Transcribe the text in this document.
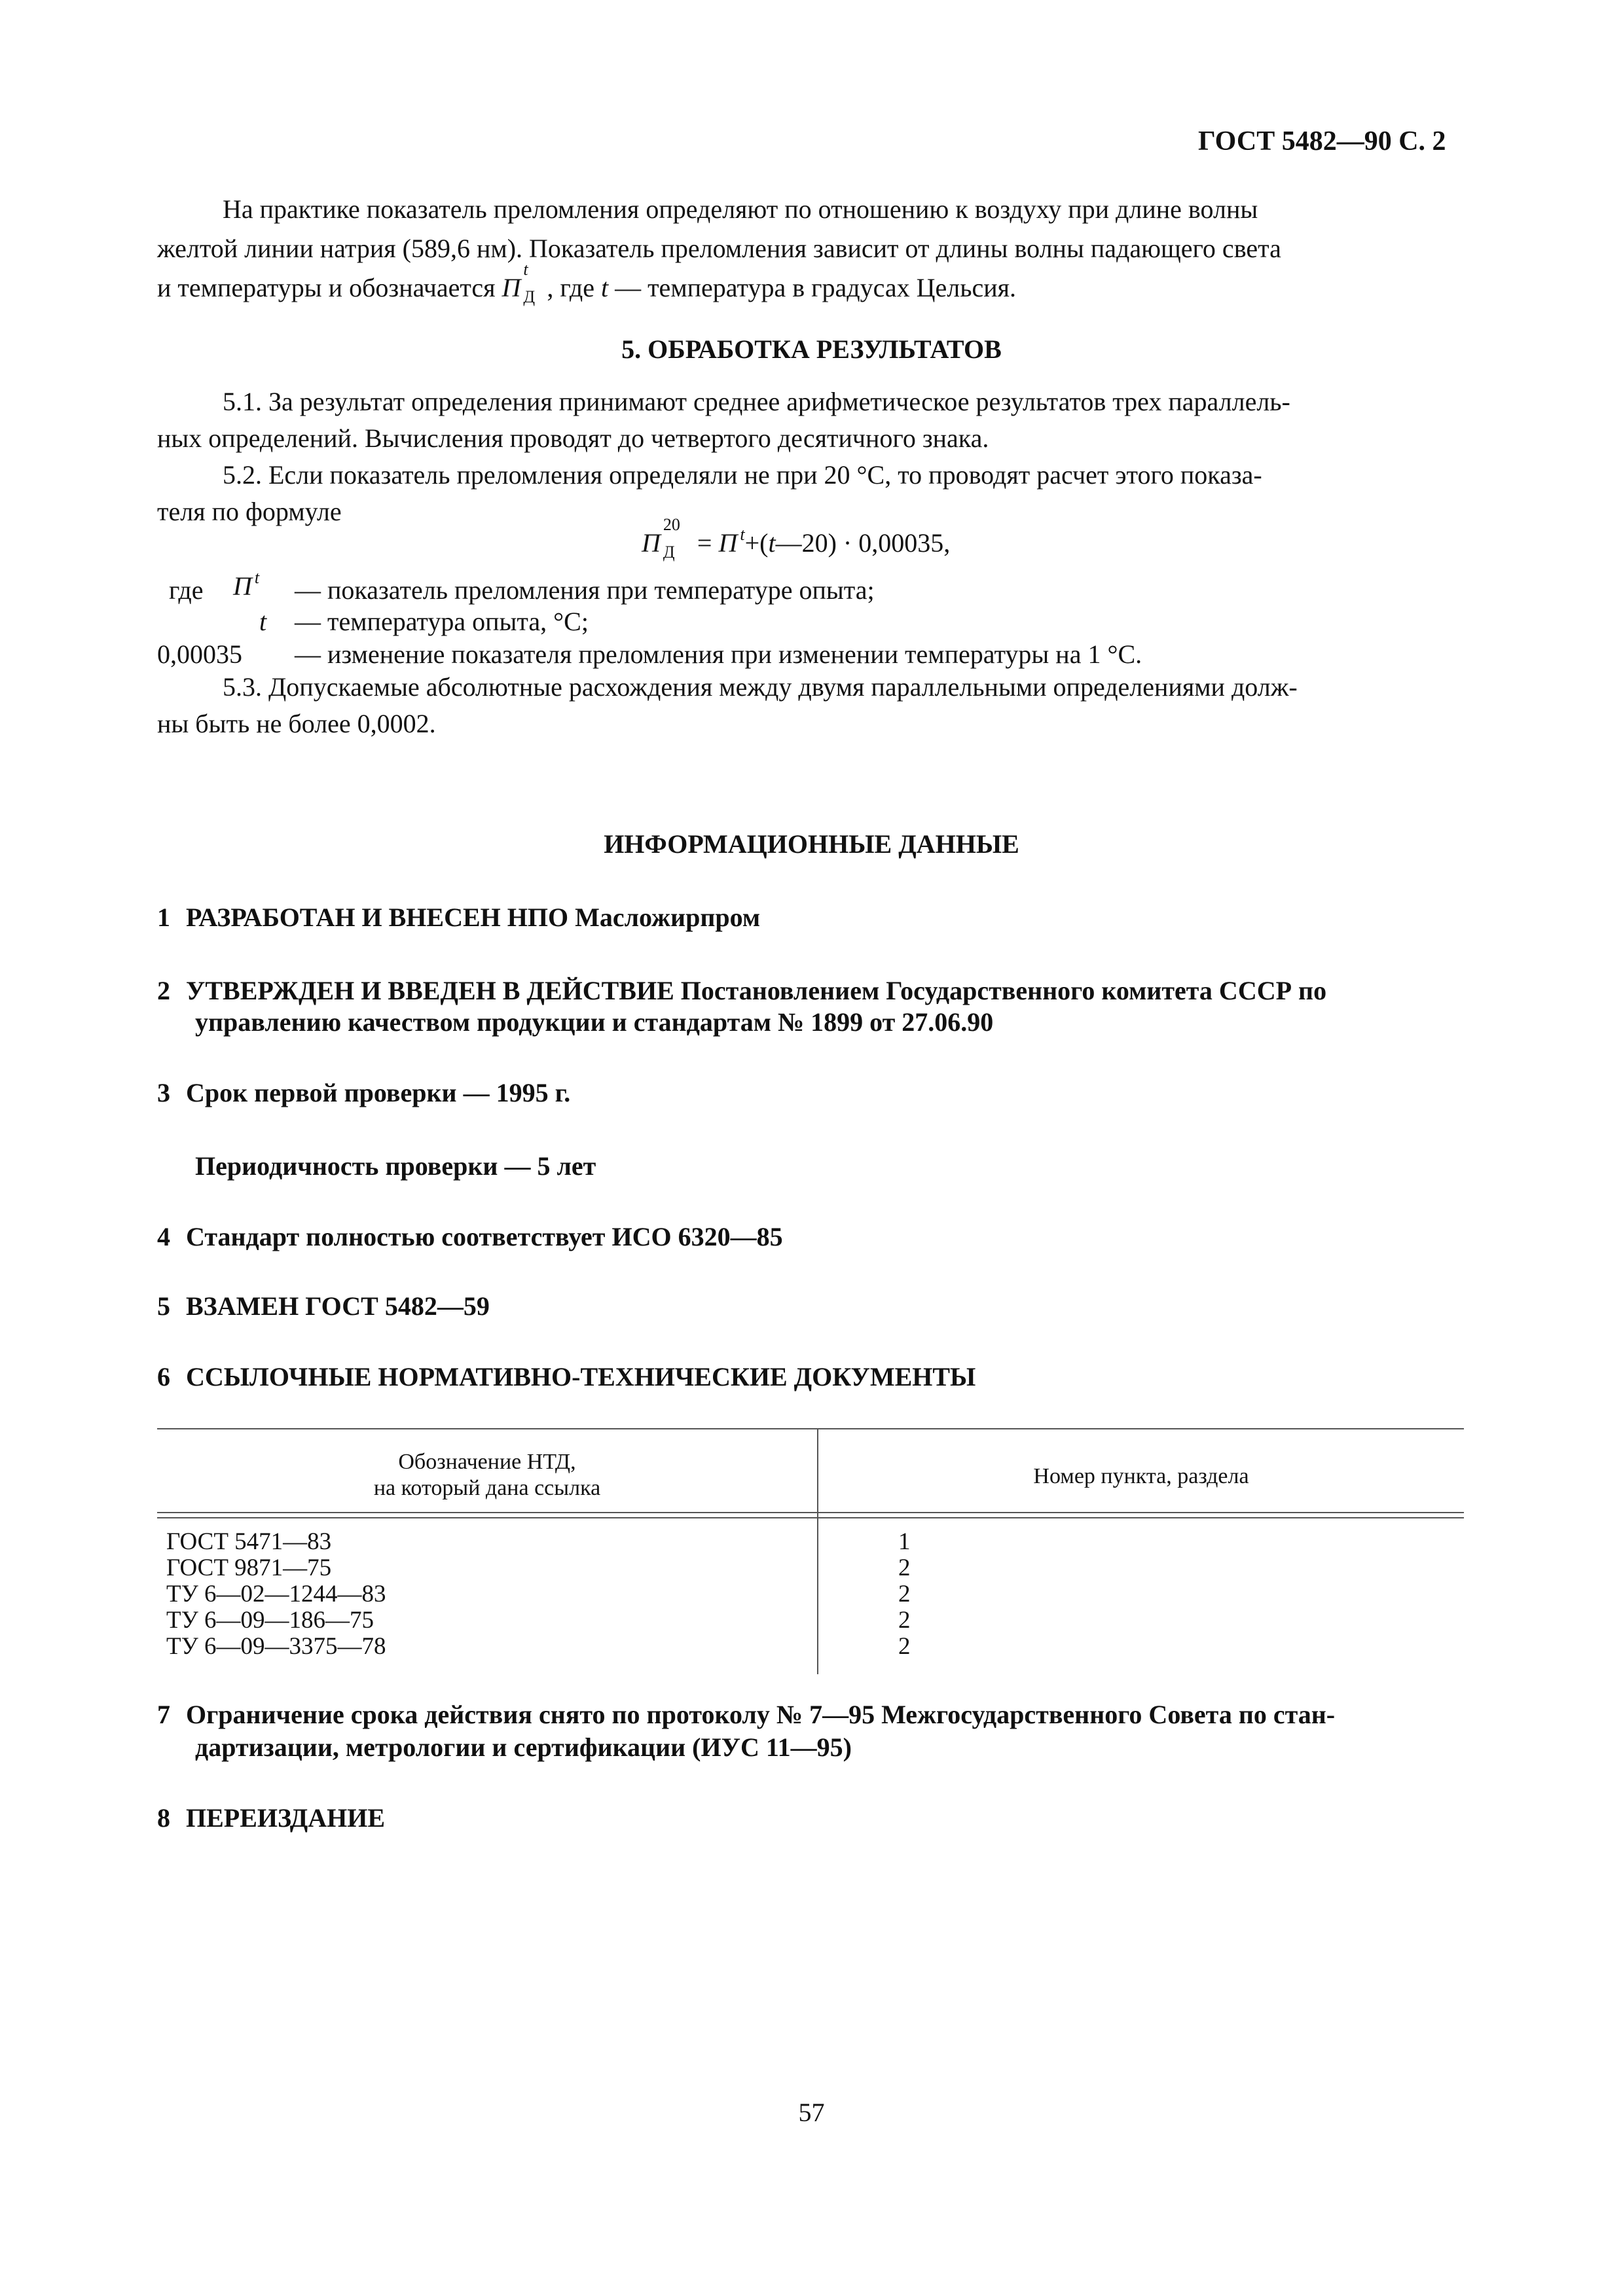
ГОСТ 5482—90 С. 2
На практике показатель преломления определяют по отношению к воздуху при длине волны
желтой линии натрия (589,6 нм). Показатель преломления зависит от длины волны падающего света
и температуры и обозначается П
t
Д , где t — температура в градусах Цельсия.
5. ОБРАБОТКА РЕЗУЛЬТАТОВ
5.1. За результат определения принимают среднее арифметическое результатов трех параллель-
ных определений. Вычисления проводят до четвертого десятичного знака.
5.2. Если показатель преломления определяли не при 20 °С, то проводят расчет этого показа-
теля по формуле
П
20
Д = П $^t$+(t—20) · 0,00035,
где П $^t$ — показатель преломления при температуре опыта;
t — температура опыта, °С;
0,00035 — изменение показателя преломления при изменении температуры на 1 °С.
5.3. Допускаемые абсолютные расхождения между двумя параллельными определениями долж-
ны быть не более 0,0002.
ИНФОРМАЦИОННЫЕ ДАННЫЕ
1 РАЗРАБОТАН И ВНЕСЕН НПО Масложирпром
2 УТВЕРЖДЕН И ВВЕДЕН В ДЕЙСТВИЕ Постановлением Государственного комитета СССР по
управлению качеством продукции и стандартам № 1899 от 27.06.90
3 Срок первой проверки — 1995 г.
Периодичность проверки — 5 лет
4 Стандарт полностью соответствует ИСО 6320—85
5 ВЗАМЕН ГОСТ 5482—59
6 ССЫЛОЧНЫЕ НОРМАТИВНО-ТЕХНИЧЕСКИЕ ДОКУМЕНТЫ
Обозначение НТД,
на который дана ссылка	Номер пункта, раздела
ГОСТ 5471—83	1
ГОСТ 9871—75	2
ТУ 6—02—1244—83	2
ТУ 6—09—186—75	2
ТУ 6—09—3375—78	2
7 Ограничение срока действия снято по протоколу № 7—95 Межгосударственного Совета по стан-
дартизации, метрологии и сертификации (ИУС 11—95)
8 ПЕРЕИЗДАНИЕ
57
